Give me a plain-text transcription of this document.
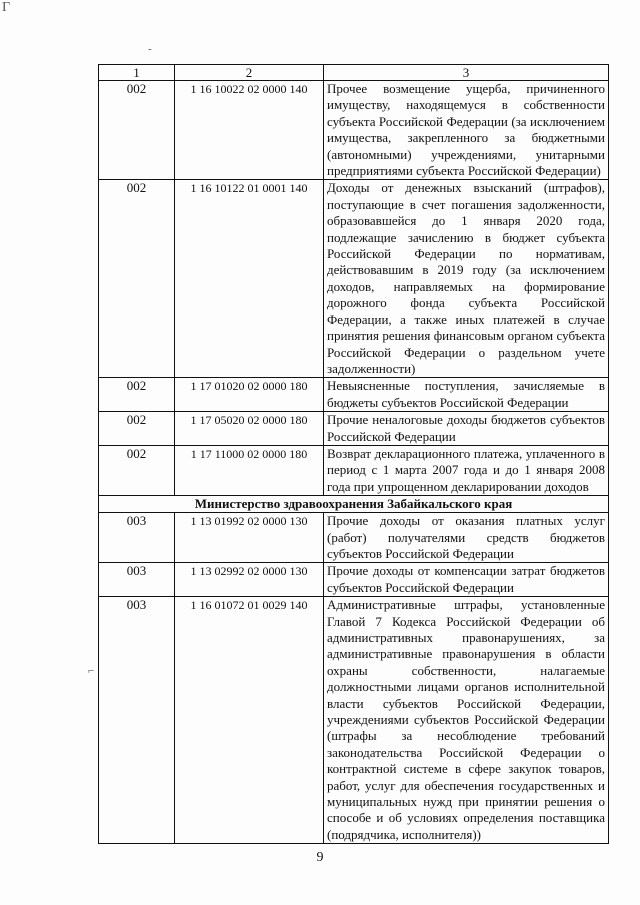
Г
-
⌐
1	2	3
002	1 16 10022 02 0000 140	Прочее возмещение ущерба, причиненного имуществу, находящемуся в собственности субъекта Российской Федерации (за исключением имущества, закрепленного за бюджетными (автономными) учреждениями, унитарными предприятиями субъекта Российской Федерации)
002	1 16 10122 01 0001 140	Доходы от денежных взысканий (штрафов), поступающие в счет погашения задолженности, образовавшейся до 1 января 2020 года, подлежащие зачислению в бюджет субъекта Российской Федерации по нормативам, действовавшим в 2019 году (за исключением доходов, направляемых на формирование дорожного фонда субъекта Российской Федерации, а также иных платежей в случае принятия решения финансовым органом субъекта Российской Федерации о раздельном учете задолженности)
002	1 17 01020 02 0000 180	Невыясненные поступления, зачисляемые в бюджеты субъектов Российской Федерации
002	1 17 05020 02 0000 180	Прочие неналоговые доходы бюджетов субъектов Российской Федерации
002	1 17 11000 02 0000 180	Возврат декларационного платежа, уплаченного в период с 1 марта 2007 года и до 1 января 2008 года при упрощенном декларировании доходов
Министерство здравоохранения Забайкальского края		
003	1 13 01992 02 0000 130	Прочие доходы от оказания платных услуг (работ) получателями средств бюджетов субъектов Российской Федерации
003	1 13 02992 02 0000 130	Прочие доходы от компенсации затрат бюджетов субъектов Российской Федерации
003	1 16 01072 01 0029 140	Административные штрафы, установленные Главой 7 Кодекса Российской Федерации об административных правонарушениях, за административные правонарушения в области охраны собственности, налагаемые должностными лицами органов исполнительной власти субъектов Российской Федерации, учреждениями субъектов Российской Федерации (штрафы за несоблюдение требований законодательства Российской Федерации о контрактной системе в сфере закупок товаров, работ, услуг для обеспечения государственных и муниципальных нужд при принятии решения о способе и об условиях определения поставщика (подрядчика, исполнителя))
9
